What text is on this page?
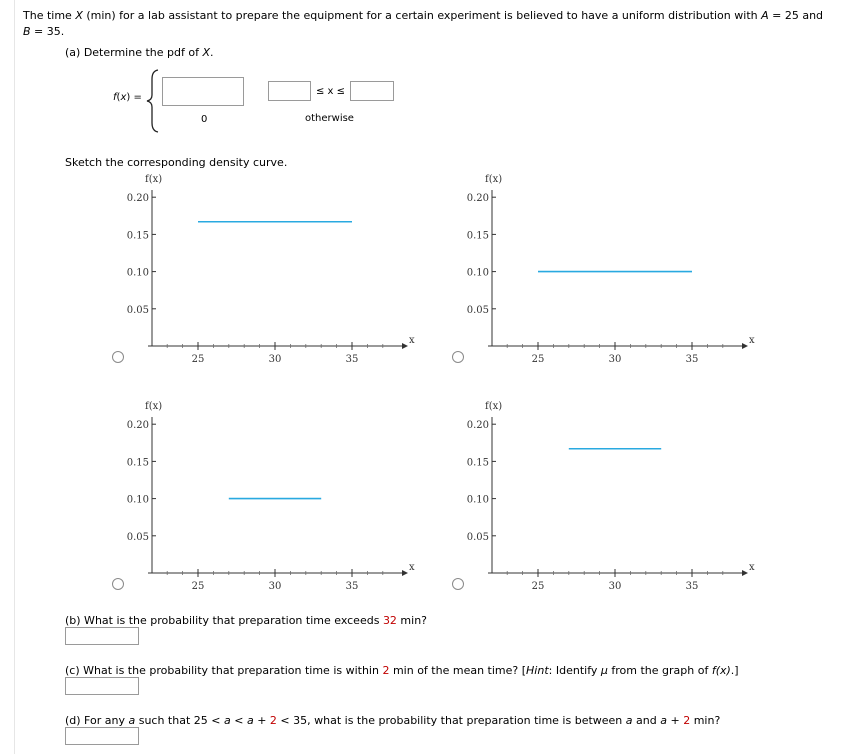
The time X (min) for a lab assistant to prepare the equipment for a certain experiment is believed to have a uniform distribution with A = 25 and
B = 35.
(a) Determine the pdf of X.
f(x) =
≤ x ≤
0	otherwise
Sketch the corresponding density curve.
f(x)
x
0.05
0.10
0.15
0.20
25	30	35
f(x)
x
0.05
0.10
0.15
0.20
25	30	35
f(x)
x
0.05
0.10
0.15
0.20
25	30	35
f(x)
x
0.05
0.10
0.15
0.20
25	30	35
(b) What is the probability that preparation time exceeds 32 min?
(c) What is the probability that preparation time is within 2 min of the mean time? [Hint: Identify μ from the graph of f(x).]
(d) For any a such that 25 < a < a + 2 < 35, what is the probability that preparation time is between a and a + 2 min?
